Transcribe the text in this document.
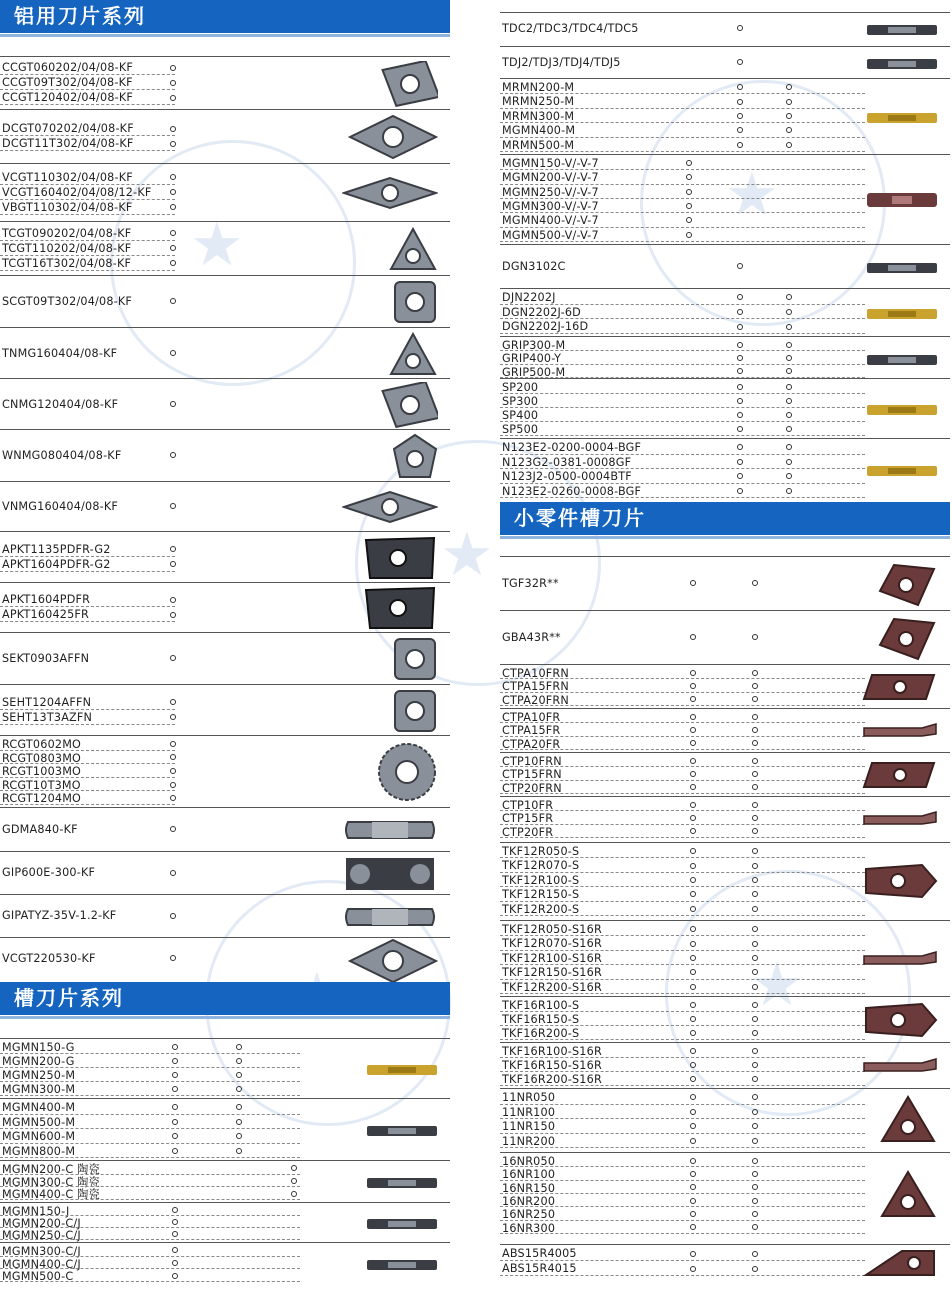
★
★
★
★
铝用刀片系列
CCGT060202/04/08-KF
CCGT09T302/04/08-KF
CCGT120402/04/08-KF
DCGT070202/04/08-KF
DCGT11T302/04/08-KF
VCGT110302/04/08-KF
VCGT160402/04/08/12-KF
VBGT110302/04/08-KF
TCGT090202/04/08-KF
TCGT110202/04/08-KF
TCGT16T302/04/08-KF
SCGT09T302/04/08-KF
TNMG160404/08-KF
CNMG120404/08-KF
WNMG080404/08-KF
VNMG160404/08-KF
APKT1135PDFR-G2
APKT1604PDFR-G2
APKT1604PDFR
APKT160425FR
SEKT0903AFFN
SEHT1204AFFN
SEHT13T3AZFN
RCGT0602MO
RCGT0803MO
RCGT1003MO
RCGT10T3MO
RCGT1204MO
GDMA840-KF
GIP600E-300-KF
GIPATYZ-35V-1.2-KF
VCGT220530-KF
槽刀片系列
MGMN150-G
MGMN200-G
MGMN250-M
MGMN300-M
MGMN400-M
MGMN500-M
MGMN600-M
MGMN800-M
MGMN200-C 陶瓷
MGMN300-C 陶瓷
MGMN400-C 陶瓷
MGMN150-J
MGMN200-C/J
MGMN250-C/J
MGMN300-C/J
MGMN400-C/J
MGMN500-C
TDC2/TDC3/TDC4/TDC5
TDJ2/TDJ3/TDJ4/TDJ5
MRMN200-M
MRMN250-M
MRMN300-M
MGMN400-M
MRMN500-M
MGMN150-V/-V-7
MGMN200-V/-V-7
MGMN250-V/-V-7
MGMN300-V/-V-7
MGMN400-V/-V-7
MGMN500-V/-V-7
DGN3102C
DJN2202J
DGN2202J-6D
DGN2202J-16D
GRIP300-M
GRIP400-Y
GRIP500-M
SP200
SP300
SP400
SP500
N123E2-0200-0004-BGF
N123G2-0381-0008GF
N123J2-0500-0004BTF
N123E2-0260-0008-BGF
小零件槽刀片
TGF32R**
GBA43R**
CTPA10FRN
CTPA15FRN
CTPA20FRN
CTPA10FR
CTPA15FR
CTPA20FR
CTP10FRN
CTP15FRN
CTP20FRN
CTP10FR
CTP15FR
CTP20FR
TKF12R050-S
TKF12R070-S
TKF12R100-S
TKF12R150-S
TKF12R200-S
TKF12R050-S16R
TKF12R070-S16R
TKF12R100-S16R
TKF12R150-S16R
TKF12R200-S16R
TKF16R100-S
TKF16R150-S
TKF16R200-S
TKF16R100-S16R
TKF16R150-S16R
TKF16R200-S16R
11NR050
11NR100
11NR150
11NR200
16NR050
16NR100
16NR150
16NR200
16NR250
16NR300
ABS15R4005
ABS15R4015
